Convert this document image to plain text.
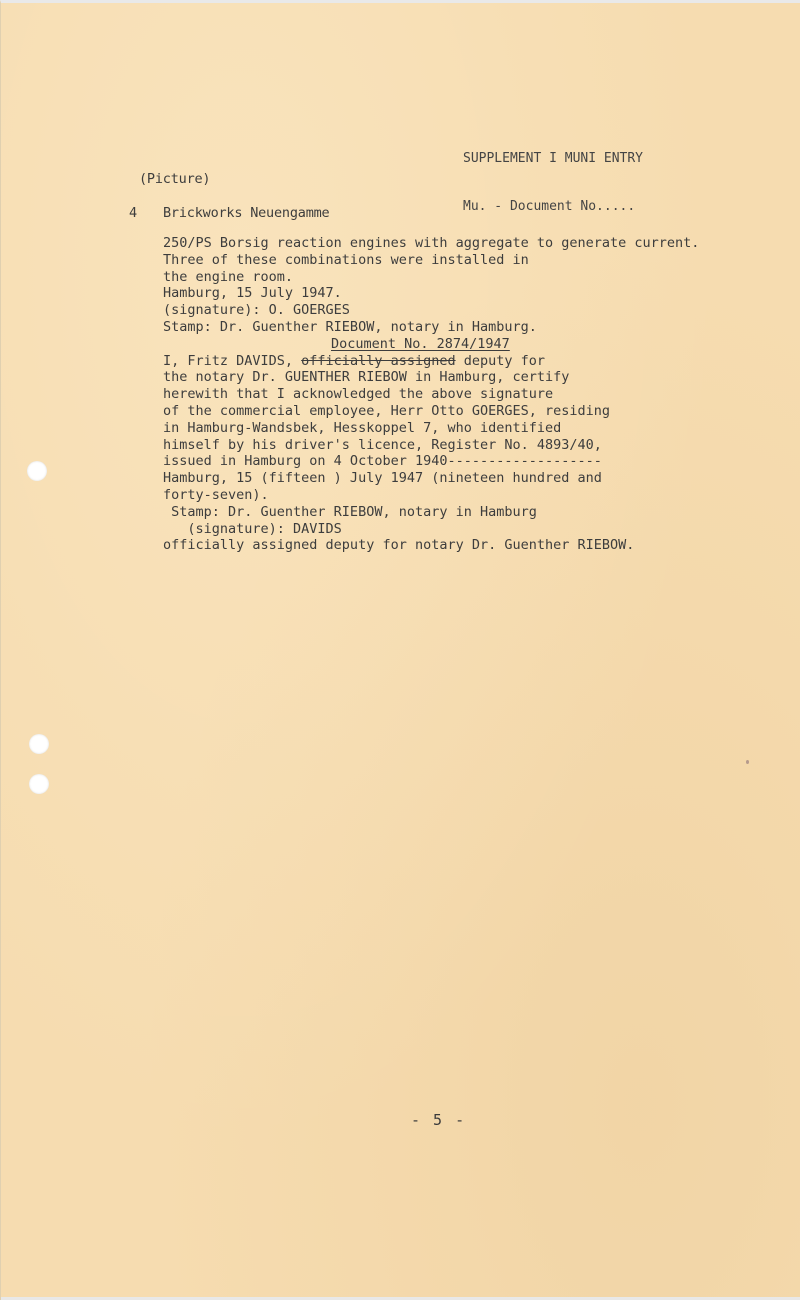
SUPPLEMENT I MUNI ENTRY

Mu. - Document No.....

(Picture)
4 Brickworks Neuengamme
250/PS Borsig reaction engines with aggregate to generate current.
Three of these combinations were installed in
the engine room.
Hamburg, 15 July 1947.
(signature): O. GOERGES
Stamp: Dr. Guenther RIEBOW, notary in Hamburg.
Document No. 2874/1947
I, Fritz DAVIDS, officially assigned deputy for
the notary Dr. GUENTHER RIEBOW in Hamburg, certify
herewith that I acknowledged the above signature
of the commercial employee, Herr Otto GOERGES, residing
in Hamburg-Wandsbek, Hesskoppel 7, who identified
himself by his driver's licence, Register No. 4893/40,
issued in Hamburg on 4 October 1940-------------------
Hamburg, 15 (fifteen ) July 1947 (nineteen hundred and
forty-seven).
Stamp: Dr. Guenther RIEBOW, notary in Hamburg
(signature): DAVIDS
officially assigned deputy for notary Dr. Guenther RIEBOW.
- 5 -
